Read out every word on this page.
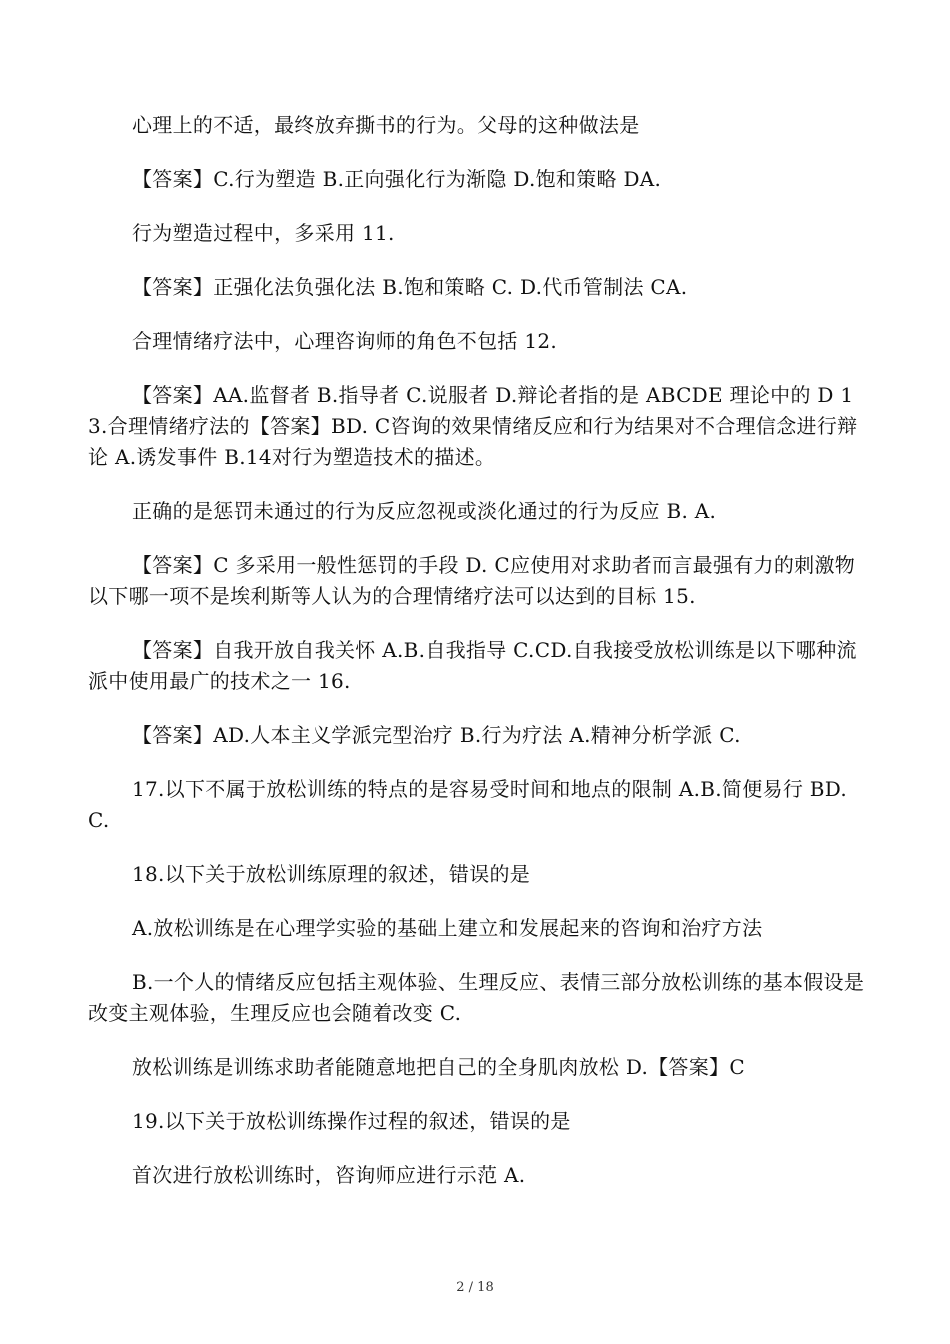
心理上的不适，最终放弃撕书的行为。父母的这种做法是

【答案】C.行为塑造 B.正向强化行为渐隐 D.饱和策略 DA.

行为塑造过程中，多采用 11.

【答案】正强化法负强化法 B.饱和策略 C. D.代币管制法 CA.

合理情绪疗法中，心理咨询师的角色不包括 12.

【答案】AA.监督者 B.指导者 C.说服者 D.辩论者指的是 ABCDE 理论中的 D 13.合理情绪疗法的【答案】BD. C咨询的效果情绪反应和行为结果对不合理信念进行辩论 A.诱发事件 B.14对行为塑造技术的描述。

正确的是惩罚未通过的行为反应忽视或淡化通过的行为反应 B. A.

【答案】C 多采用一般性惩罚的手段 D. C应使用对求助者而言最强有力的刺激物以下哪一项不是埃利斯等人认为的合理情绪疗法可以达到的目标 15.

【答案】自我开放自我关怀 A.B.自我指导 C.CD.自我接受放松训练是以下哪种流派中使用最广的技术之一 16.

【答案】AD.人本主义学派完型治疗 B.行为疗法 A.精神分析学派 C.

17.以下不属于放松训练的特点的是容易受时间和地点的限制 A.B.简便易行 BD.C.

18.以下关于放松训练原理的叙述，错误的是

A.放松训练是在心理学实验的基础上建立和发展起来的咨询和治疗方法

B.一个人的情绪反应包括主观体验、生理反应、表情三部分放松训练的基本假设是改变主观体验，生理反应也会随着改变 C.

放松训练是训练求助者能随意地把自己的全身肌肉放松 D.【答案】C

19.以下关于放松训练操作过程的叙述，错误的是

首次进行放松训练时，咨询师应进行示范 A.

2 / 18
